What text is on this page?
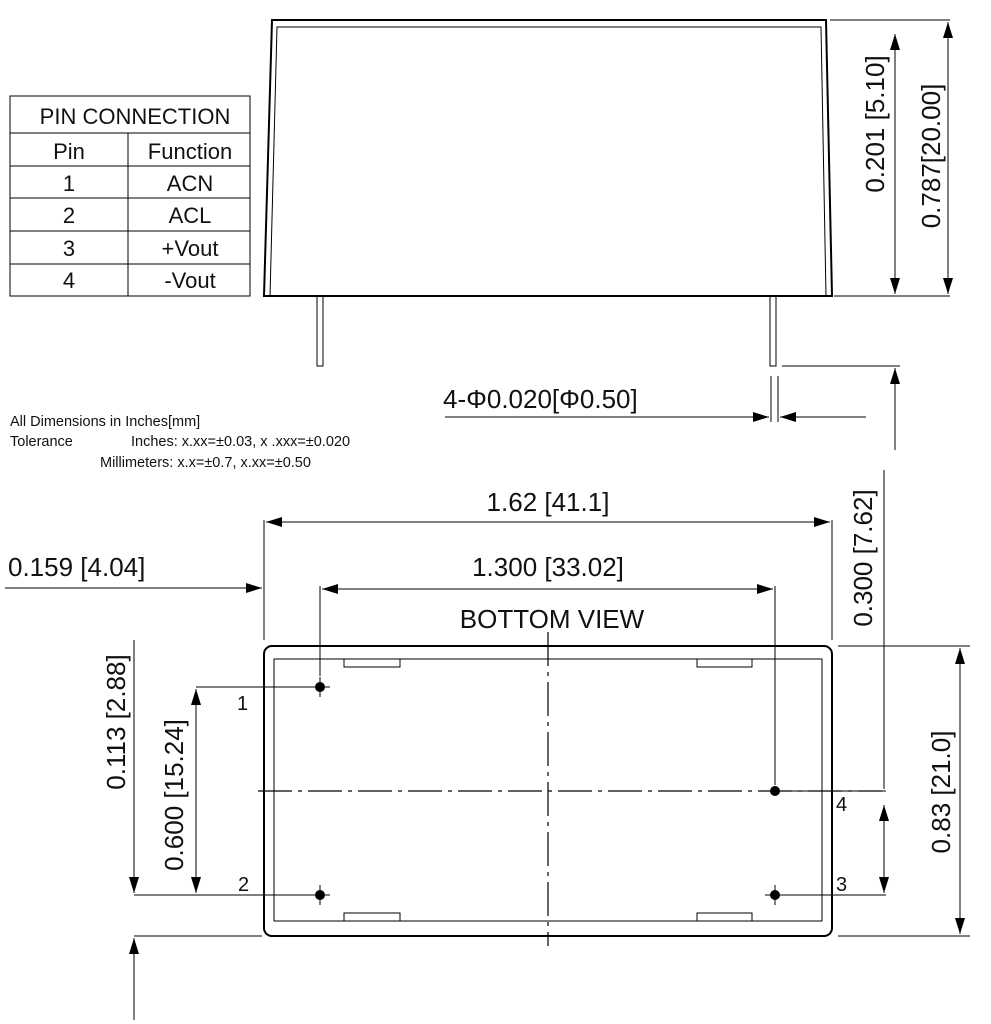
PIN CONNECTION
Pin	Function
1	ACN
2	ACL
3	+Vout
4	-Vout
0.201 [5.10] 0.787[20.00]
4-Φ0.020[Φ0.50]
All Dimensions in Inches[mm]
Tolerance	Inches: x.xx=±0.03, x .xxx=±0.020
Millimeters: x.x=±0.7, x.xx=±0.50
1
2	3
4
BOTTOM VIEW
1.62 [41.1]
1.300 [33.02]
0.159 [4.04]
0.600 [15.24]
0.113 [2.88]
0.300 [7.62]
0.83 [21.0]
